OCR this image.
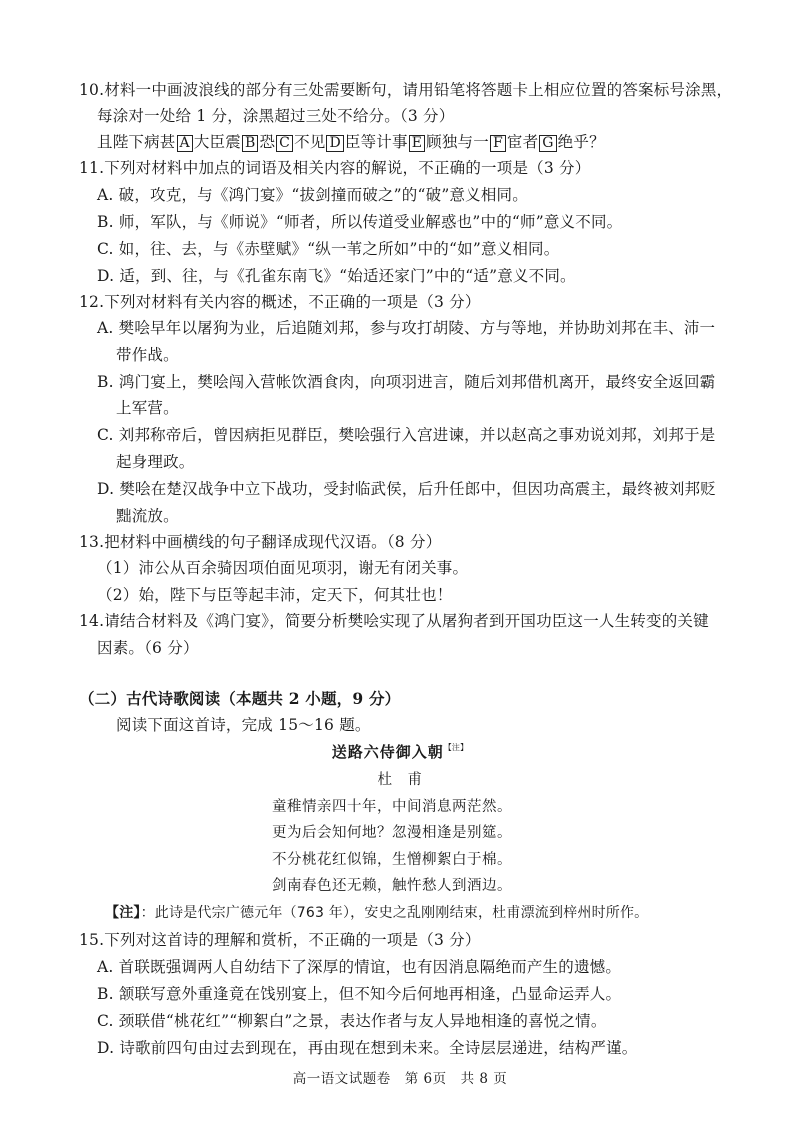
10.材料一中画波浪线的部分有三处需要断句，请用铅笔将答题卡上相应位置的答案标号涂黑，
每涂对一处给 1 分，涂黑超过三处不给分。（3 分）
且陛下病甚 A 大臣震 B 恐 C 不见 D 臣等计事 E 顾独与一 F 宦者 G 绝乎？
11.下列对材料中加点的词语及相关内容的解说，不正确的一项是（3 分）
A. 破，攻克，与《鸿门宴》“拔剑撞而破之”的“破”意义相同。
B. 师，军队，与《师说》“师者，所以传道受业解惑也”中的“师”意义不同。
C. 如，往、去，与《赤壁赋》“纵一苇之所如”中的“如”意义相同。
D. 适，到、往，与《孔雀东南飞》“始适还家门”中的“适”意义不同。
12.下列对材料有关内容的概述，不正确的一项是（3 分）
A. 樊哙早年以屠狗为业，后追随刘邦，参与攻打胡陵、方与等地，并协助刘邦在丰、沛一
带作战。
B. 鸿门宴上，樊哙闯入营帐饮酒食肉，向项羽进言，随后刘邦借机离开，最终安全返回霸
上军营。
C. 刘邦称帝后，曾因病拒见群臣，樊哙强行入宫进谏，并以赵高之事劝说刘邦，刘邦于是
起身理政。
D. 樊哙在楚汉战争中立下战功，受封临武侯，后升任郎中，但因功高震主，最终被刘邦贬
黜流放。
13.把材料中画横线的句子翻译成现代汉语。（8 分）
（1）沛公从百余骑因项伯面见项羽，谢无有闭关事。
（2）始，陛下与臣等起丰沛，定天下，何其壮也！
14.请结合材料及《鸿门宴》，简要分析樊哙实现了从屠狗者到开国功臣这一人生转变的关键
因素。（6 分）
（二）古代诗歌阅读（本题共 2 小题，9 分）
阅读下面这首诗，完成 15～16 题。
送路六侍御入朝$^{【注】}$
杜　甫
童稚情亲四十年，中间消息两茫然。
更为后会知何地？忽漫相逢是别筵。
不分桃花红似锦，生憎柳絮白于棉。
剑南春色还无赖，触忤愁人到酒边。
【注】：此诗是代宗广德元年（763 年），安史之乱刚刚结束，杜甫漂流到梓州时所作。
15.下列对这首诗的理解和赏析，不正确的一项是（3 分）
A. 首联既强调两人自幼结下了深厚的情谊，也有因消息隔绝而产生的遗憾。
B. 颔联写意外重逢竟在饯别宴上，但不知今后何地再相逢，凸显命运弄人。
C. 颈联借“桃花红”“柳絮白”之景，表达作者与友人异地相逢的喜悦之情。
D. 诗歌前四句由过去到现在，再由现在想到未来。全诗层层递进，结构严谨。
高一语文试题卷　第 6页　共 8 页
